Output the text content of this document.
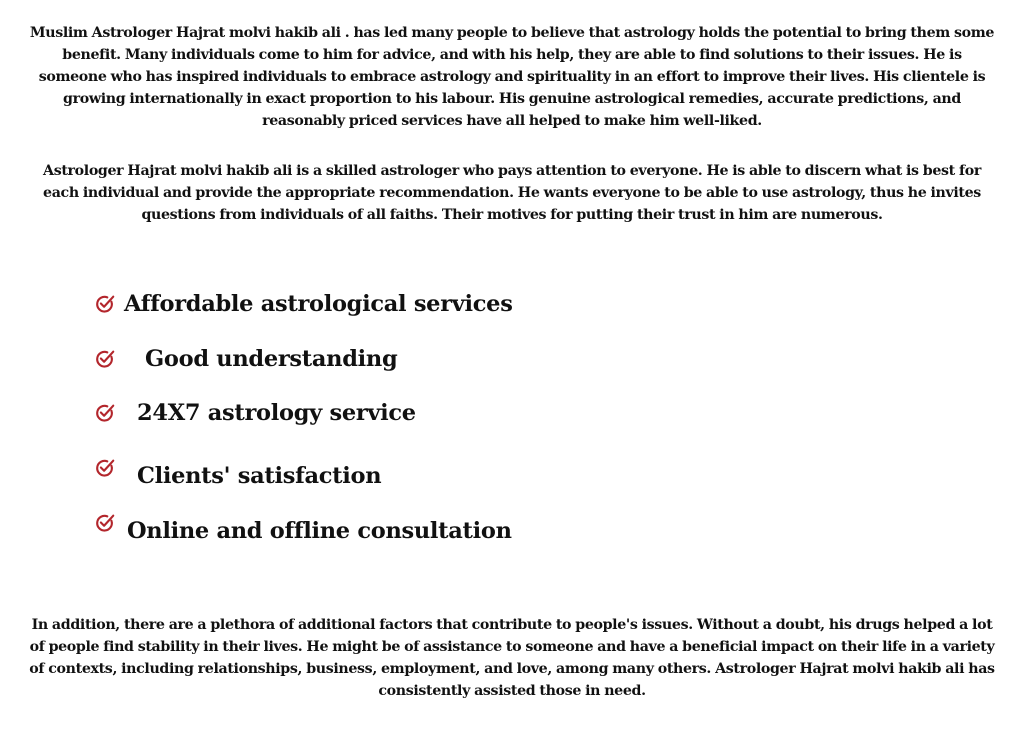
Muslim Astrologer Hajrat molvi hakib ali . has led many people to believe that astrology holds the potential to bring them some benefit. Many individuals come to him for advice, and with his help, they are able to find solutions to their issues. He is someone who has inspired individuals to embrace astrology and spirituality in an effort to improve their lives. His clientele is growing internationally in exact proportion to his labour. His genuine astrological remedies, accurate predictions, and reasonably priced services have all helped to make him well-liked.
Astrologer Hajrat molvi hakib ali is a skilled astrologer who pays attention to everyone. He is able to discern what is best for each individual and provide the appropriate recommendation. He wants everyone to be able to use astrology, thus he invites questions from individuals of all faiths. Their motives for putting their trust in him are numerous.
Affordable astrological services
Good understanding
24X7 astrology service
Clients' satisfaction
Online and offline consultation
In addition, there are a plethora of additional factors that contribute to people's issues. Without a doubt, his drugs helped a lot of people find stability in their lives. He might be of assistance to someone and have a beneficial impact on their life in a variety of contexts, including relationships, business, employment, and love, among many others. Astrologer Hajrat molvi hakib ali has consistently assisted those in need.
